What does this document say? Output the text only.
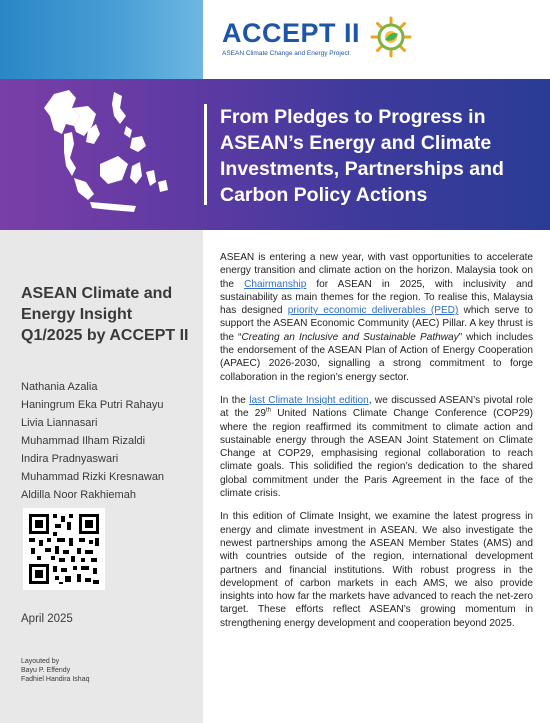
ACCEPT II
ASEAN Climate Change and Energy Project
From Pledges to Progress in ASEAN’s Energy and Climate Investments, Partnerships and Carbon Policy Actions
ASEAN Climate and Energy Insight Q1/2025 by ACCEPT II
Nathania Azalia
Haningrum Eka Putri Rahayu
Livia Liannasari
Muhammad Ilham Rizaldi
Indira Pradnyaswari
Muhammad Rizki Kresnawan
Aldilla Noor Rakhiemah
April 2025
Layouted by
Bayu P. Effendy
Fadhiel Handira Ishaq

ASEAN is entering a new year, with vast opportunities to accelerate energy transition and climate action on the horizon. Malaysia took on the Chairmanship for ASEAN in 2025, with inclusivity and sustainability as main themes for the region. To realise this, Malaysia has designed priority economic deliverables (PED) which serve to support the ASEAN Economic Community (AEC) Pillar. A key thrust is the “Creating an Inclusive and Sustainable Pathway” which includes the endorsement of the ASEAN Plan of Action of Energy Cooperation (APAEC) 2026-2030, signalling a strong commitment to forge collaboration in the region’s energy sector.

In the last Climate Insight edition, we discussed ASEAN’s pivotal role at the 29th United Nations Climate Change Conference (COP29) where the region reaffirmed its commitment to climate action and sustainable energy through the ASEAN Joint Statement on Climate Change at COP29, emphasising regional collaboration to reach climate goals. This solidified the region’s dedication to the shared global commitment under the Paris Agreement in the face of the climate crisis.

In this edition of Climate Insight, we examine the latest progress in energy and climate investment in ASEAN. We also investigate the newest partnerships among the ASEAN Member States (AMS) and with countries outside of the region, international development partners and financial institutions. With robust progress in the development of carbon markets in each AMS, we also provide insights into how far the markets have advanced to reach the net-zero target. These efforts reflect ASEAN’s growing momentum in strengthening energy development and cooperation beyond 2025.
